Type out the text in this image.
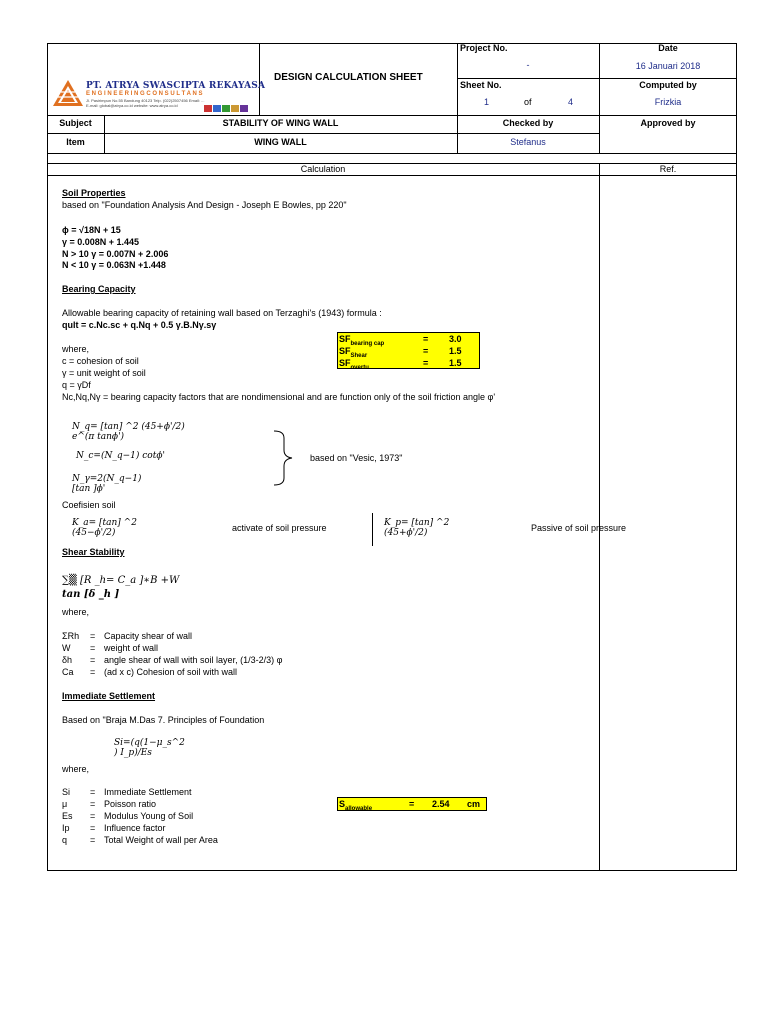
PT. ATRYA SWASCIPTA REKAYASA
E N G I N E E R I N G C O N S U L T A N S
Jl. Pasirimpun No.55 Bandung 40123 Telp. (022)2507456 Email: ...
E-mail: global@atrya.co.id website: www.atrya.co.id
DESIGN CALCULATION SHEET
Project No.
-
Date
16 Januari 2018
Sheet No.
1	of	4
Computed by
Frizkia
Subject	STABILITY OF WING WALL	Checked by	Approved by
Item	WING WALL	Stefanus
Calculation	Ref.
Soil Properties
based on "Foundation Analysis And Design - Joseph E Bowles, pp 220"
ϕ = √18N + 15
γ = 0.008N + 1.445
N > 10 γ = 0.007N + 2.006
N < 10 γ = 0.063N +1.448
Bearing Capacity
Allowable bearing capacity of retaining wall based on Terzaghi's (1943) formula :
qult = c.Nc.sc + q.Nq + 0.5 γ.B.Nγ.sγ
$SF_{bearing cap}$	= 3.0
$SF_{Shear}$	= 1.5
$SF_{overtu}$	= 1.5
where,
c = cohesion of soil
γ = unit weight of soil
q = γDf
Nc,Nq,Nγ = bearing capacity factors that are nondimensional and are function only of the soil friction angle φ'
N_q= [tan] ^2 (45+ϕ'/2)
e^(π tanϕ')
N_c=(N_q−1) cotϕ'
N_γ=2(N_q−1)
[tan ]ϕ'
based on "Vesic, 1973"
Coefisien soil
K_a= [tan] ^2
(45−ϕ'/2)	activate of soil pressure	K_p= [tan] ^2
(45+ϕ'/2)	Passive of soil pressure
Shear Stability
∑▒ [R _h= C_a ]∗B +W
tan [δ _h ]
where,
ΣRh = Capacity shear of wall
W = weight of wall
δh = angle shear of wall with soil layer, (1/3-2/3) φ
Ca = (ad x c) Cohesion of soil with wall
Immediate Settlement
Based on "Braja M.Das 7. Principles of Foundation
Si=(q(1−μ_s^2
) I_p)/Es
where,
Si = Immediate Settlement
μ	= Poisson ratio
Es = Modulus Young of Soil
Ip = Influence factor
q	= Total Weight of wall per Area
$S_{allowable}$	= 2.54 cm
